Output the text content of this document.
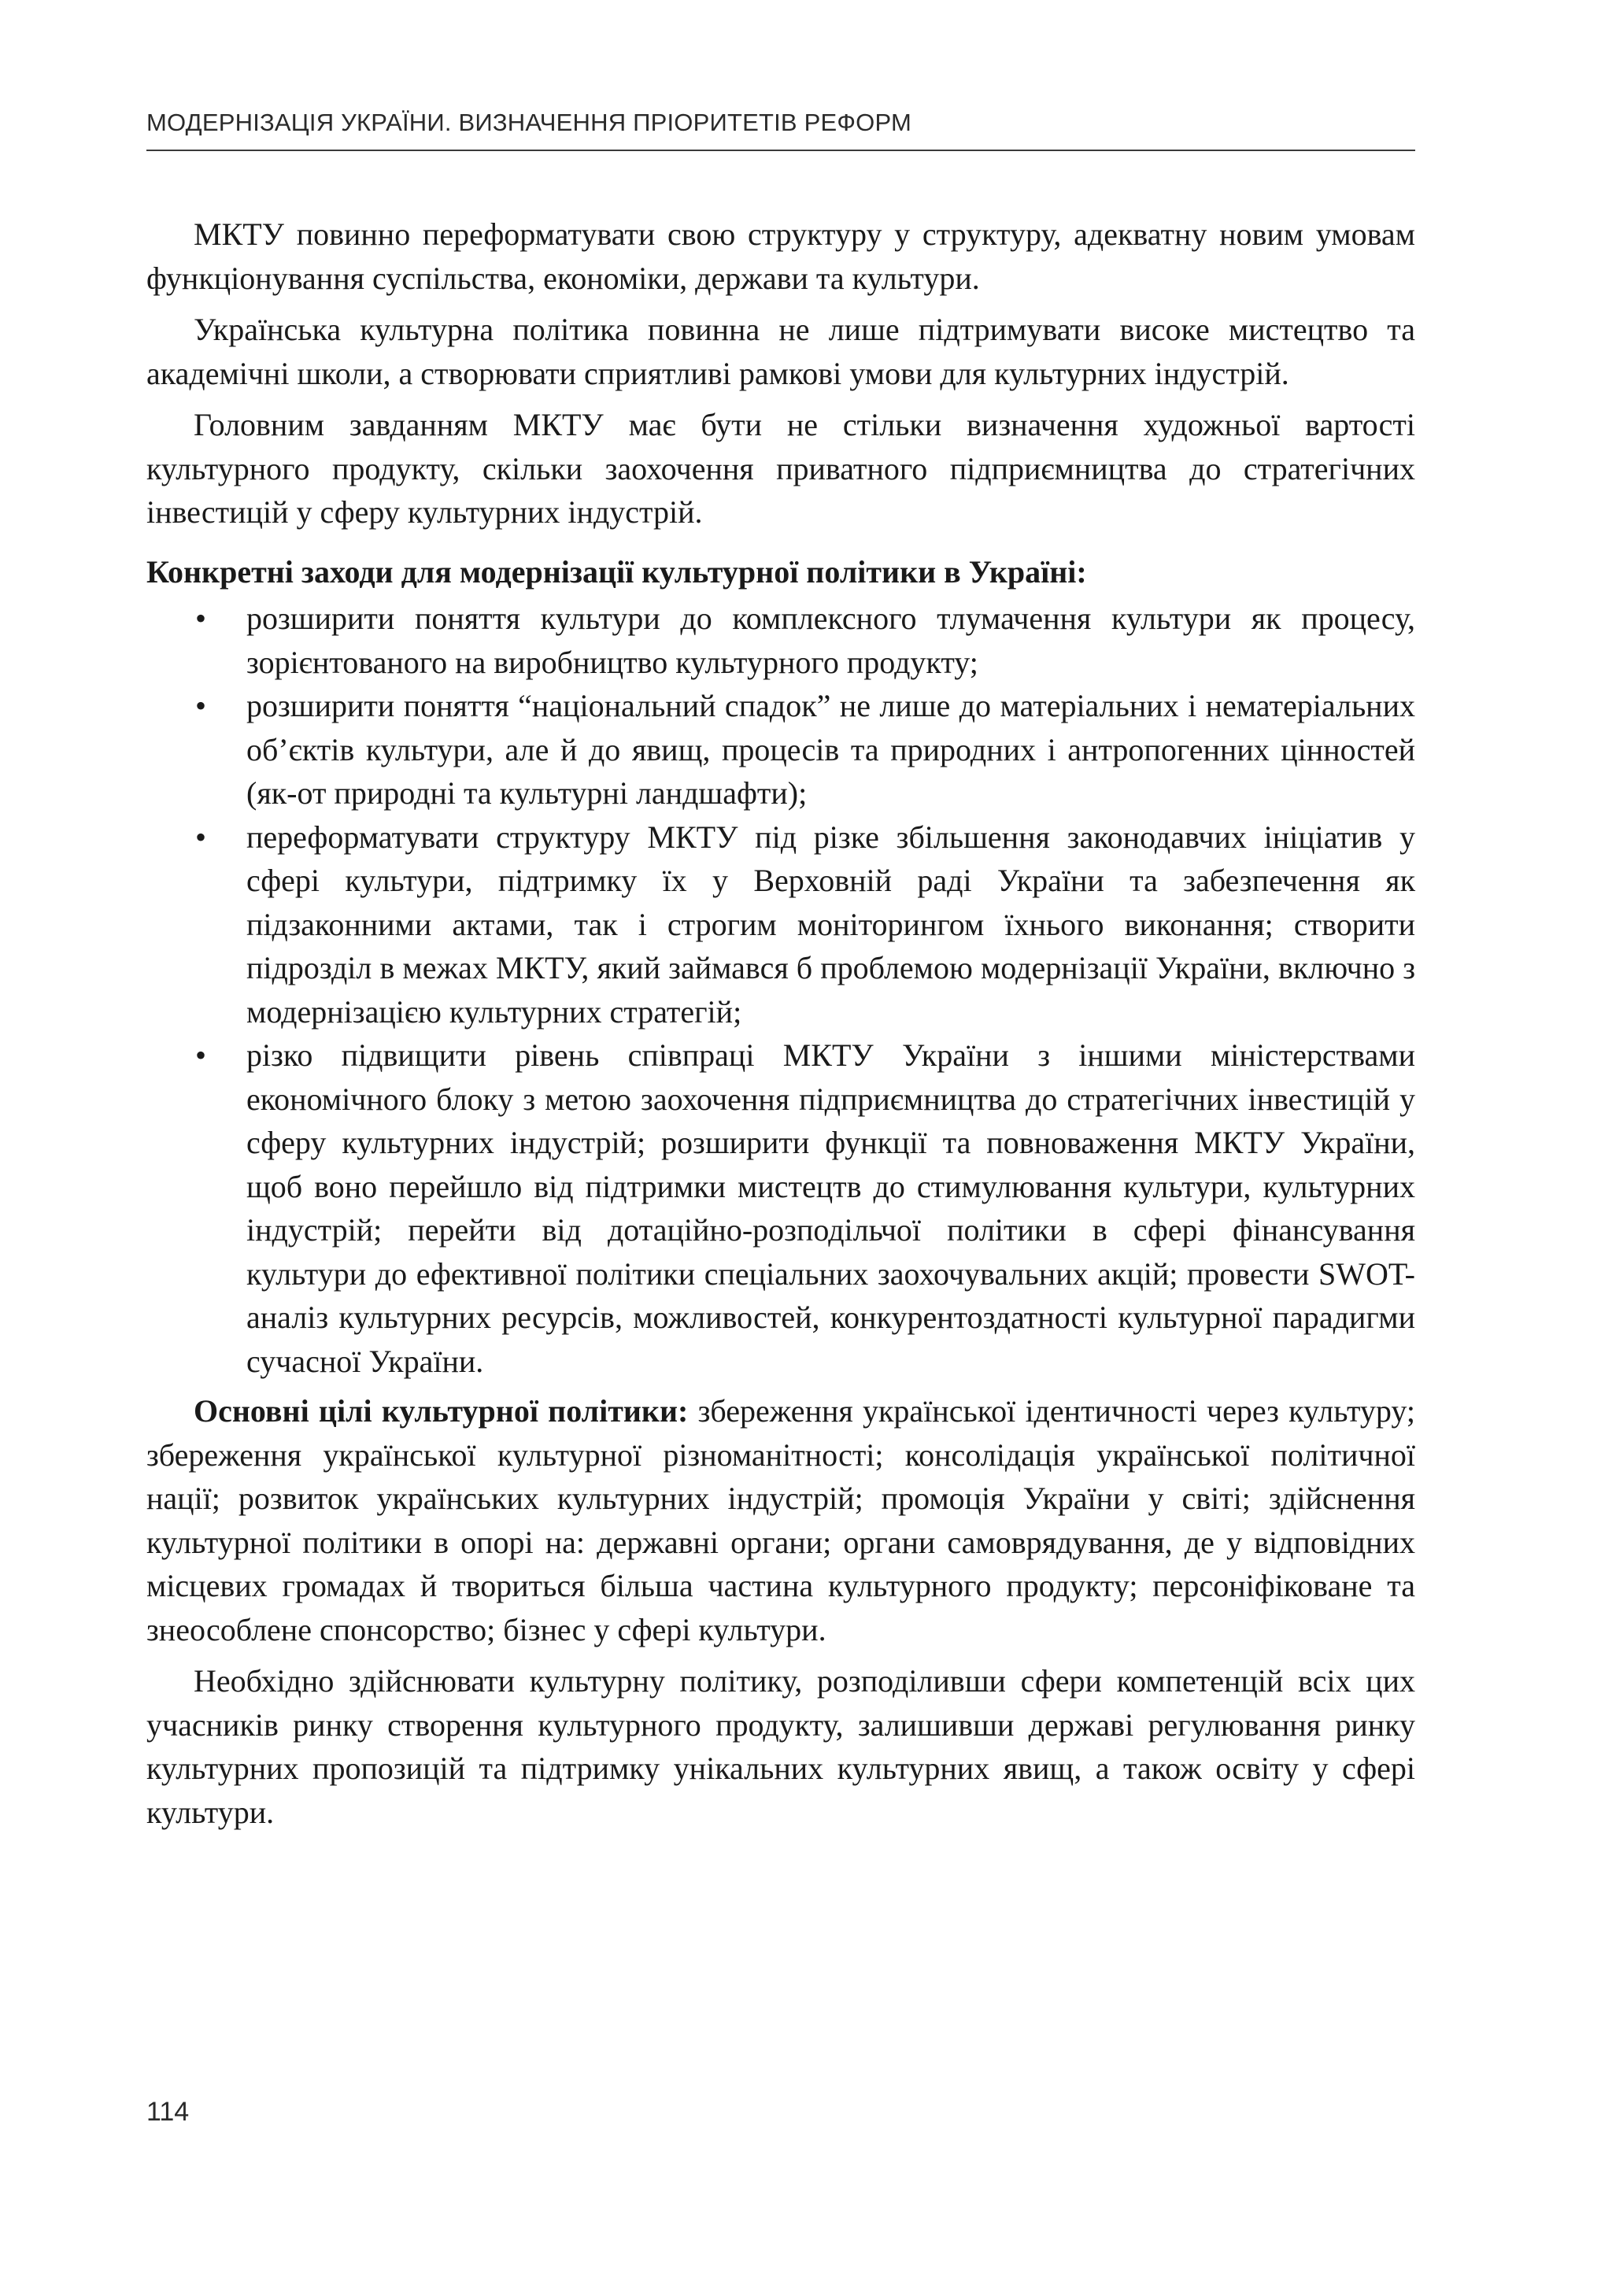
МОДЕРНІЗАЦІЯ УКРАЇНИ. ВИЗНАЧЕННЯ ПРІОРИТЕТІВ РЕФОРМ

МКТУ повинно переформатувати свою структуру у структуру, адекватну новим умовам функціонування суспільства, економіки, держави та культури.

Українська культурна політика повинна не лише підтримувати високе мистецтво та академічні школи, а створювати сприятливі рамкові умови для культурних індустрій.

Головним завданням МКТУ має бути не стільки визначення художньої вартості культурного продукту, скільки заохочення приватного підприємництва до стратегічних інвестицій у сферу культурних індустрій.

Конкретні заходи для модернізації культурної політики в Україні:
• розширити поняття культури до комплексного тлумачення культури як процесу, зорієнтованого на виробництво культурного продукту;
• розширити поняття “національний спадок” не лише до матеріальних і нематеріальних об’єктів культури, але й до явищ, процесів та природних і антропогенних цінностей (як-от природні та культурні ландшафти);
• переформатувати структуру МКТУ під різке збільшення законодавчих ініціатив у сфері культури, підтримку їх у Верховній раді України та забезпечення як підзаконними актами, так і строгим моніторингом їхнього виконання; створити підрозділ в межах МКТУ, який займався б проблемою модернізації України, включно з модернізацією культурних стратегій;
• різко підвищити рівень співпраці МКТУ України з іншими міністерствами економічного блоку з метою заохочення підприємництва до стратегічних інвестицій у сферу культурних індустрій; розширити функції та повноваження МКТУ України, щоб воно перейшло від підтримки мистецтв до стимулювання культури, культурних індустрій; перейти від дотаційно-розподільчої політики в сфері фінансування культури до ефективної політики спеціальних заохочувальних акцій; провести SWOT-аналіз культурних ресурсів, можливостей, конкурентоздатності культурної парадигми сучасної України.

Основні цілі культурної політики: збереження української ідентичності через культуру; збереження української культурної різноманітності; консолідація української політичної нації; розвиток українських культурних індустрій; промоція України у світі; здійснення культурної політики в опорі на: державні органи; органи самоврядування, де у відповідних місцевих громадах й твориться більша частина культурного продукту; персоніфіковане та знеособлене спонсорство; бізнес у сфері культури.

Необхідно здійснювати культурну політику, розподіливши сфери компетенцій всіх цих учасників ринку створення культурного продукту, залишивши державі регулювання ринку культурних пропозицій та підтримку унікальних культурних явищ, а також освіту у сфері культури.

114
